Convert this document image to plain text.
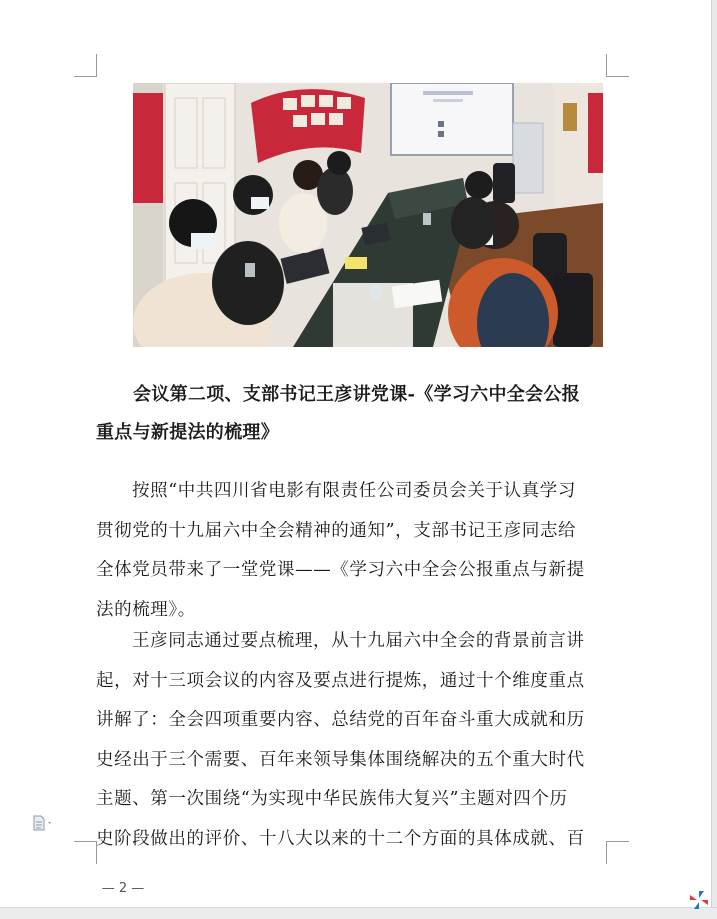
会议第二项、支部书记王彦讲党课-《学习六中全会公报
重点与新提法的梳理》
按照“中共四川省电影有限责任公司委员会关于认真学习
贯彻党的十九届六中全会精神的通知”，支部书记王彦同志给
全体党员带来了一堂党课——《学习六中全会公报重点与新提
法的梳理》。
王彦同志通过要点梳理，从十九届六中全会的背景前言讲
起，对十三项会议的内容及要点进行提炼，通过十个维度重点
讲解了：全会四项重要内容、总结党的百年奋斗重大成就和历
史经出于三个需要、百年来领导集体围绕解决的五个重大时代
主题、第一次围绕“为实现中华民族伟大复兴”主题对四个历
史阶段做出的评价、十八大以来的十二个方面的具体成就、百
— 2 —
